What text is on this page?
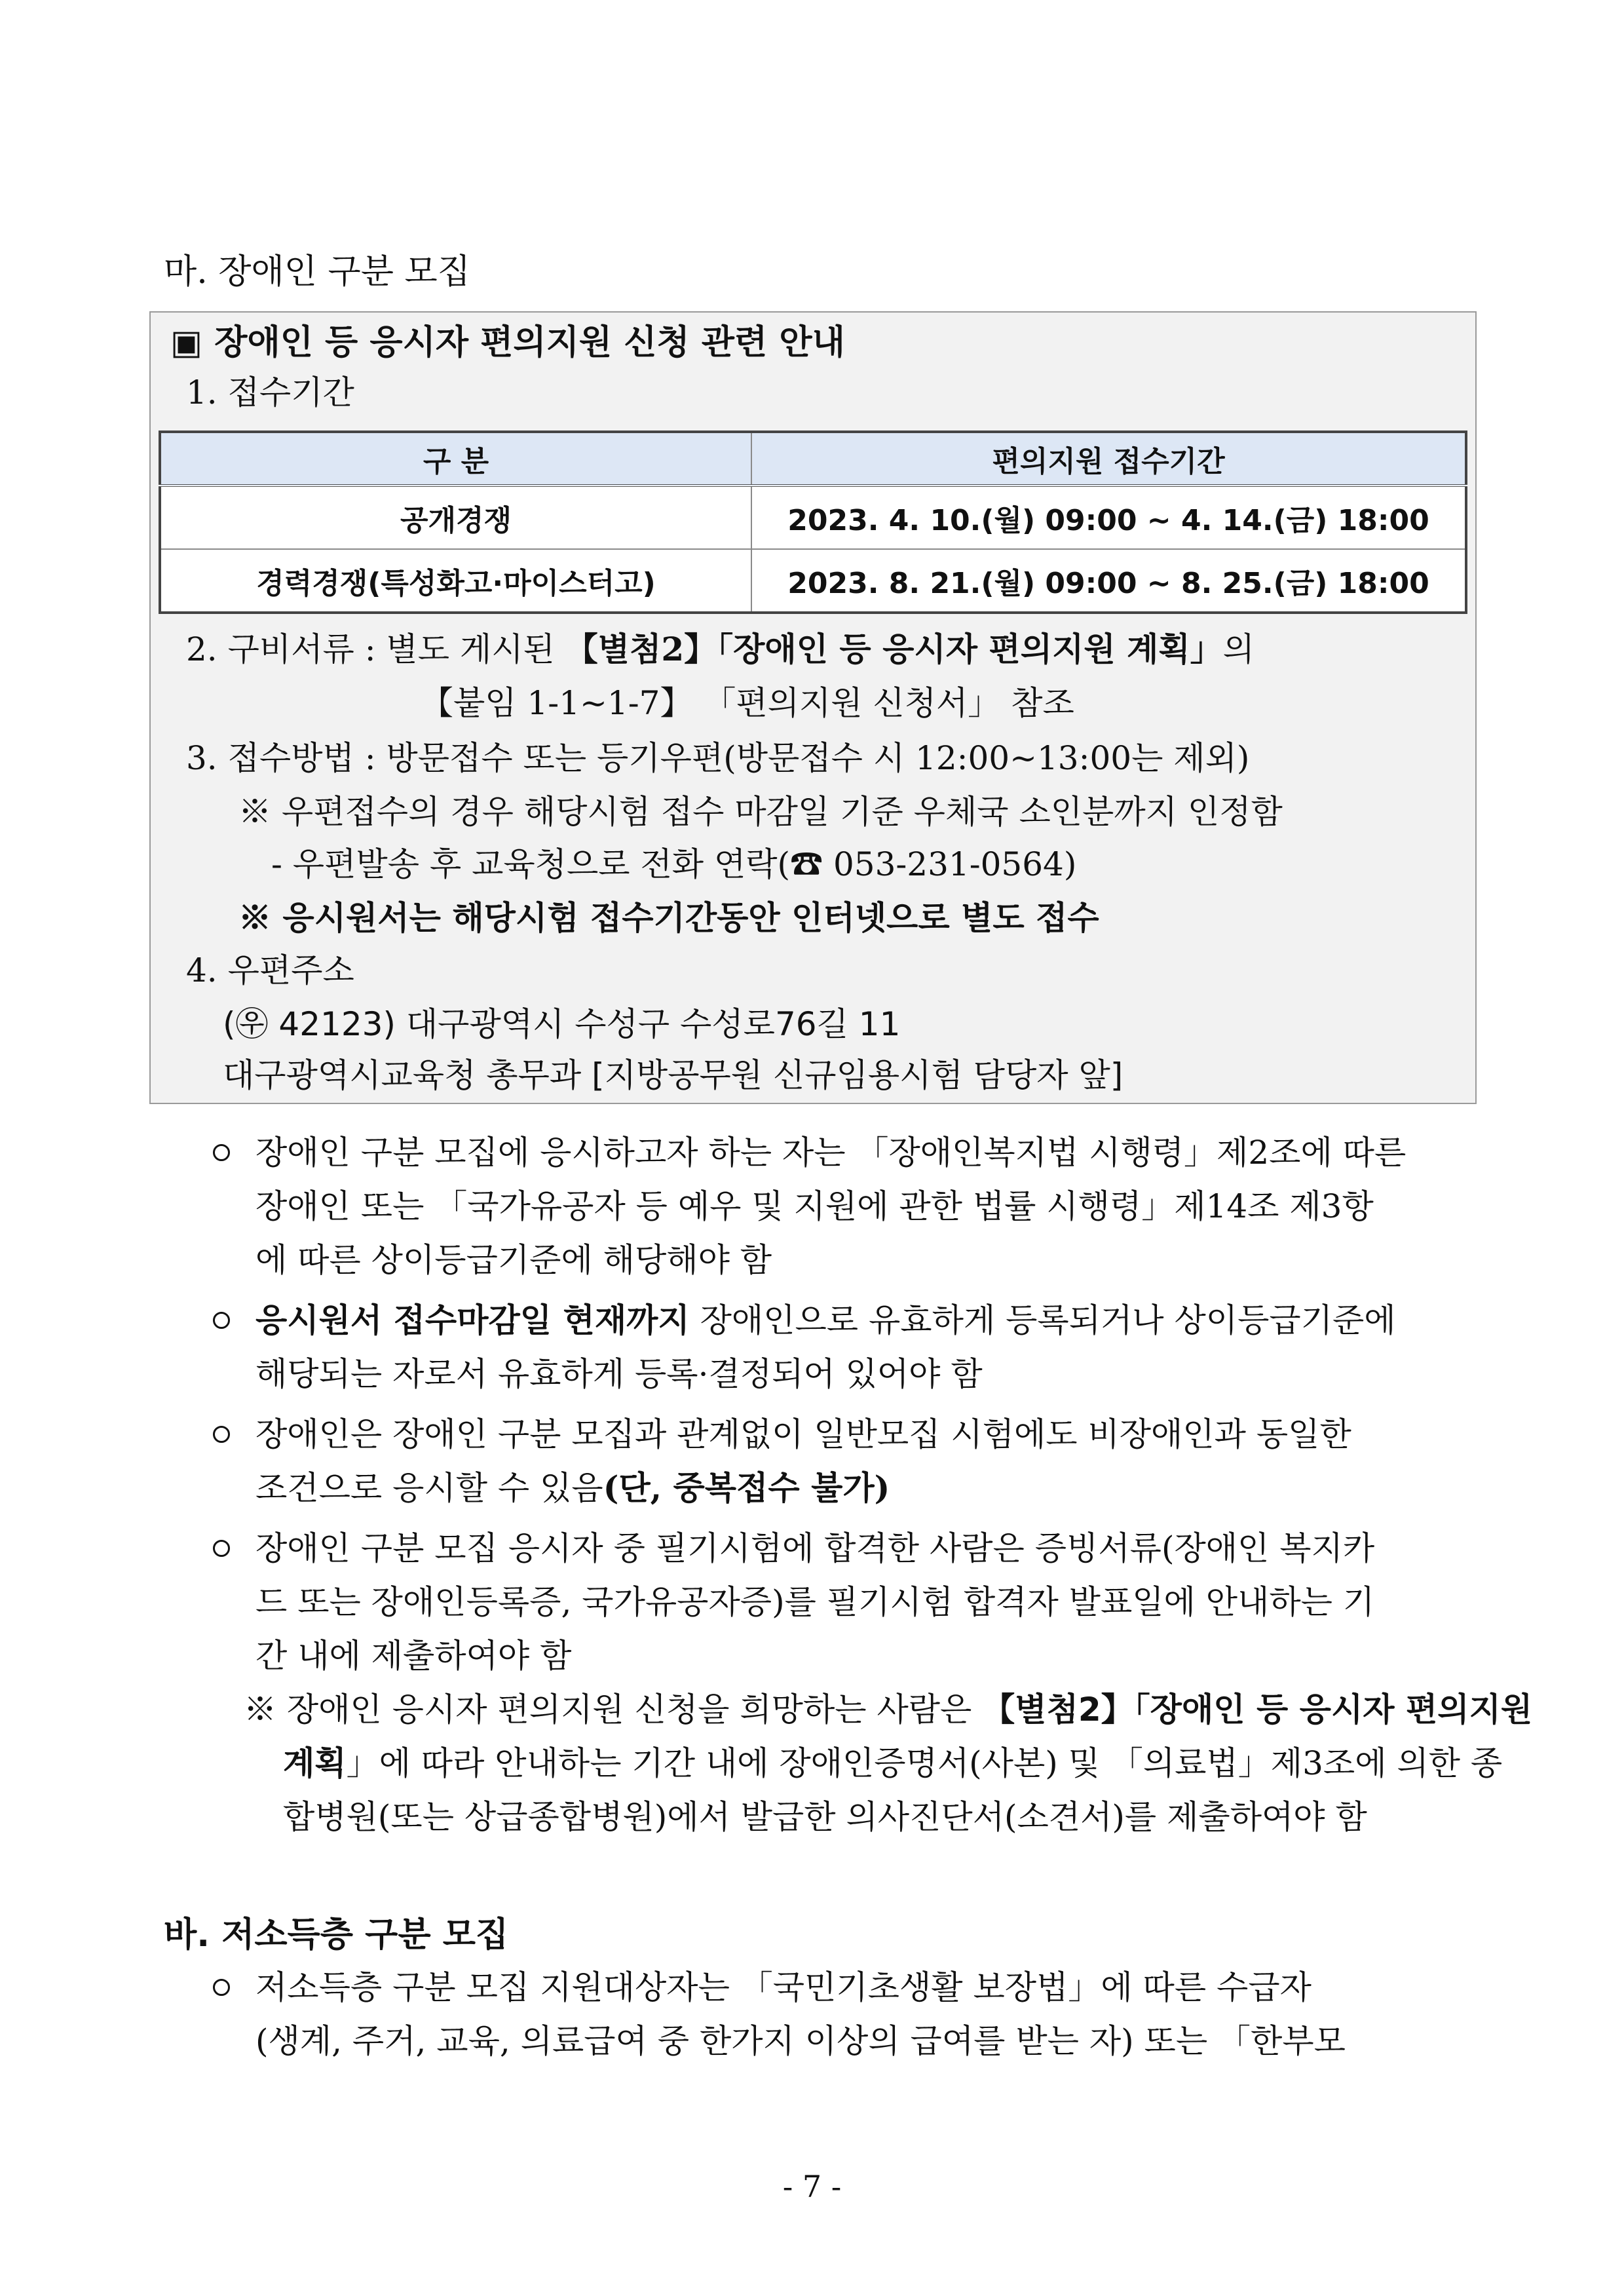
마. 장애인 구분 모집
▣ 장애인 등 응시자 편의지원 신청 관련 안내
1. 접수기간
구 분	편의지원 접수기간
공개경쟁	2023. 4. 10.(월) 09:00 ~ 4. 14.(금) 18:00
경력경쟁(특성화고·마이스터고)	2023. 8. 21.(월) 09:00 ~ 8. 25.(금) 18:00
2. 구비서류 : 별도 게시된 【별첨2】「장애인 등 응시자 편의지원 계획」의
【붙임 1-1~1-7】 「편의지원 신청서」 참조
3. 접수방법 : 방문접수 또는 등기우편(방문접수 시 12:00~13:00는 제외)
※ 우편접수의 경우 해당시험 접수 마감일 기준 우체국 소인분까지 인정함
- 우편발송 후 교육청으로 전화 연락(☎ 053-231-0564)
※ 응시원서는 해당시험 접수기간동안 인터넷으로 별도 접수
4. 우편주소
(㉾ 42123) 대구광역시 수성구 수성로76길 11
대구광역시교육청 총무과 [지방공무원 신규임용시험 담당자 앞]
장애인 구분 모집에 응시하고자 하는 자는 「장애인복지법 시행령」제2조에 따른
장애인 또는 「국가유공자 등 예우 및 지원에 관한 법률 시행령」제14조 제3항
에 따른 상이등급기준에 해당해야 함
응시원서 접수마감일 현재까지 장애인으로 유효하게 등록되거나 상이등급기준에
해당되는 자로서 유효하게 등록·결정되어 있어야 함
장애인은 장애인 구분 모집과 관계없이 일반모집 시험에도 비장애인과 동일한
조건으로 응시할 수 있음(단, 중복접수 불가)
장애인 구분 모집 응시자 중 필기시험에 합격한 사람은 증빙서류(장애인 복지카
드 또는 장애인등록증, 국가유공자증)를 필기시험 합격자 발표일에 안내하는 기
간 내에 제출하여야 함
※ 장애인 응시자 편의지원 신청을 희망하는 사람은 【별첨2】「장애인 등 응시자 편의지원
계획」에 따라 안내하는 기간 내에 장애인증명서(사본) 및 「의료법」제3조에 의한 종
합병원(또는 상급종합병원)에서 발급한 의사진단서(소견서)를 제출하여야 함
바. 저소득층 구분 모집
저소득층 구분 모집 지원대상자는 「국민기초생활 보장법」에 따른 수급자
(생계, 주거, 교육, 의료급여 중 한가지 이상의 급여를 받는 자) 또는 「한부모
- 7 -
